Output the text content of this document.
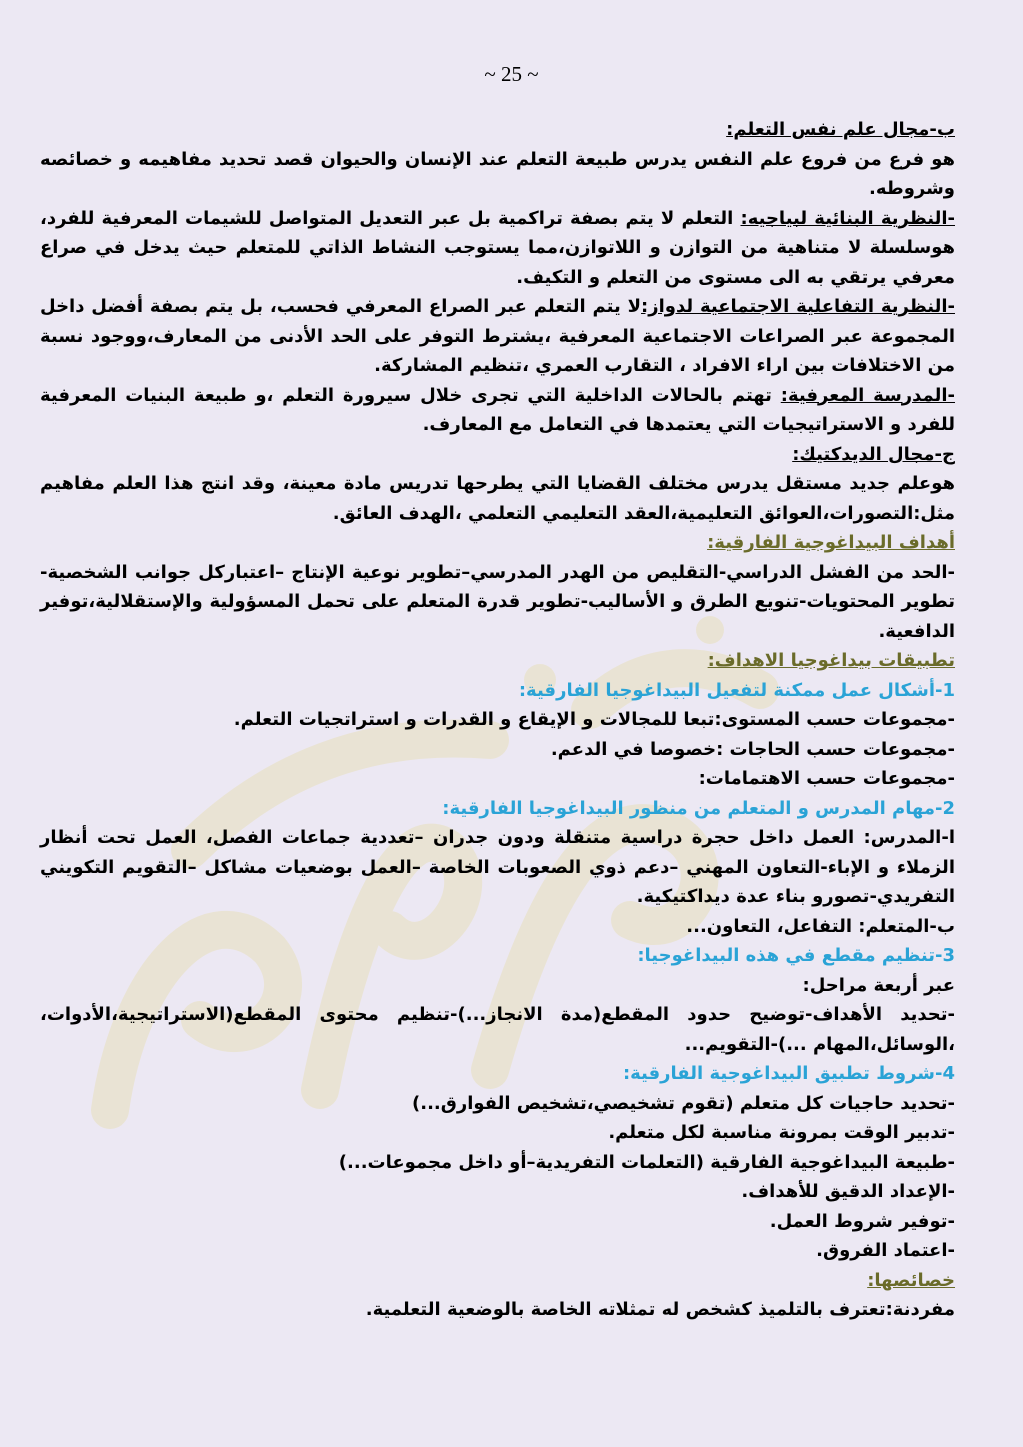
~ 25 ~

ب-مجال علم نفس التعلم:

هو فرع من فروع علم النفس يدرس طبيعة التعلم عند الإنسان والحيوان قصد تحديد مفاهيمه و خصائصه وشروطه.

-النظرية البنائية لبياجيه: التعلم لا يتم بصفة تراكمية بل عبر التعديل المتواصل للشيمات المعرفية للفرد، هوسلسلة لا متناهية من التوازن و اللاتوازن،مما يستوجب النشاط الذاتي للمتعلم حيث يدخل في صراع معرفي يرتقي به الى مستوى من التعلم و التكيف.

-النظرية التفاعلية الاجتماعية لدواز:لا يتم التعلم عبر الصراع المعرفي فحسب، بل يتم بصفة أفضل داخل المجموعة عبر الصراعات الاجتماعية المعرفية ،يشترط التوفر على الحد الأدنى من المعارف،ووجود نسبة من الاختلافات بين اراء الافراد ، التقارب العمري ،تنظيم المشاركة.

-المدرسة المعرفية: تهتم بالحالات الداخلية التي تجرى خلال سيرورة التعلم ،و طبيعة البنيات المعرفية للفرد و الاستراتيجيات التي يعتمدها في التعامل مع المعارف.

ج-مجال الديدكتيك:

هوعلم جديد مستقل يدرس مختلف القضايا التي يطرحها تدريس مادة معينة، وقد انتج هذا العلم مفاهيم مثل:التصورات،العوائق التعليمية،العقد التعليمي التعلمي ،الهدف العائق.

أهداف البيداغوجية الفارقية:

-الحد من الفشل الدراسي-التقليص من الهدر المدرسي–تطوير نوعية الإنتاج –اعتباركل جوانب الشخصية- تطوير المحتويات-تنويع الطرق و الأساليب-تطوير قدرة المتعلم على تحمل المسؤولية والإستقلالية،توفير الدافعية.

تطبيقات بيداغوجيا الاهداف:

1-أشكال عمل ممكنة لتفعيل البيداغوجيا الفارقية:

-مجموعات حسب المستوى:تبعا للمجالات و الإيقاع و القدرات و استراتجيات التعلم.

-مجموعات حسب الحاجات :خصوصا في الدعم.

-مجموعات حسب الاهتمامات:

2-مهام المدرس و المتعلم من منظور البيداغوجيا الفارقية:

ا-المدرس: العمل داخل حجرة دراسية متنقلة ودون جدران –تعددية جماعات الفصل، العمل تحت أنظار الزملاء و الإباء-التعاون المهني –دعم ذوي الصعوبات الخاصة –العمل بوضعيات مشاكل –التقويم التكويني التفريدي-تصورو بناء عدة ديداكتيكية.

ب-المتعلم: التفاعل، التعاون...

3-تنظيم مقطع في هذه البيداغوجيا:

عبر أربعة مراحل:

-تحديد الأهداف-توضيح حدود المقطع(مدة الانجاز...)-تنظيم محتوى المقطع(الاستراتيجية،الأدوات، ،الوسائل،المهام ...)-التقويم...

4-شروط تطبيق البيداغوجية الفارقية:

-تحديد حاجيات كل متعلم (تقوم تشخيصي،تشخيص الفوارق...)

-تدبير الوقت بمرونة مناسبة لكل متعلم.

-طبيعة البيداغوجية الفارقية (التعلمات التفريدية–أو داخل مجموعات...)

-الإعداد الدقيق للأهداف.

-توفير شروط العمل.

-اعتماد الفروق.

خصائصها:

مفردنة:تعترف بالتلميذ كشخص له تمثلاته الخاصة بالوضعية التعلمية.
